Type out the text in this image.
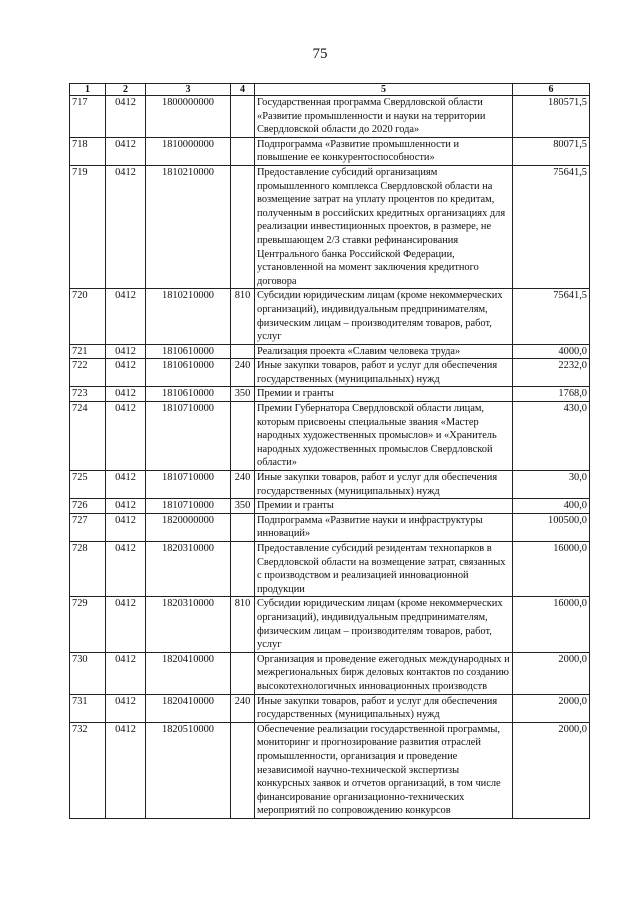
75
1	2	3	4	5	6
717	0412	1800000000		Государственная программа Свердловской области «Развитие промышленности и науки на территории Свердловской области до 2020 года»	180571,5
718	0412	1810000000		Подпрограмма «Развитие промышленности и повышение ее конкурентоспособности»	80071,5
719	0412	1810210000		Предоставление субсидий организациям промышленного комплекса Свердловской области на возмещение затрат на уплату процентов по кредитам, полученным в российских кредитных организациях для реализации инвестиционных проектов, в размере, не превышающем 2/3 ставки рефинансирования Центрального банка Российской Федерации, установленной на момент заключения кредитного договора	75641,5
720	0412	1810210000	810	Субсидии юридическим лицам (кроме некоммерческих организаций), индивидуальным предпринимателям, физическим лицам – производителям товаров, работ, услуг	75641,5
721	0412	1810610000		Реализация проекта «Славим человека труда»	4000,0
722	0412	1810610000	240	Иные закупки товаров, работ и услуг для обеспечения государственных (муниципальных) нужд	2232,0
723	0412	1810610000	350	Премии и гранты	1768,0
724	0412	1810710000		Премии Губернатора Свердловской области лицам, которым присвоены специальные звания «Мастер народных художественных промыслов» и «Хранитель народных художественных промыслов Свердловской области»	430,0
725	0412	1810710000	240	Иные закупки товаров, работ и услуг для обеспечения государственных (муниципальных) нужд	30,0
726	0412	1810710000	350	Премии и гранты	400,0
727	0412	1820000000		Подпрограмма «Развитие науки и инфраструктуры инноваций»	100500,0
728	0412	1820310000		Предоставление субсидий резидентам технопарков в Свердловской области на возмещение затрат, связанных с производством и реализацией инновационной продукции	16000,0
729	0412	1820310000	810	Субсидии юридическим лицам (кроме некоммерческих организаций), индивидуальным предпринимателям, физическим лицам – производителям товаров, работ, услуг	16000,0
730	0412	1820410000		Организация и проведение ежегодных международных и межрегиональных бирж деловых контактов по созданию высокотехнологичных инновационных производств	2000,0
731	0412	1820410000	240	Иные закупки товаров, работ и услуг для обеспечения государственных (муниципальных) нужд	2000,0
732	0412	1820510000		Обеспечение реализации государственной программы, мониторинг и прогнозирование развития отраслей промышленности, организация и проведение независимой научно-технической экспертизы конкурсных заявок и отчетов организаций, в том числе финансирование организационно-технических мероприятий по сопровождению конкурсов	2000,0
